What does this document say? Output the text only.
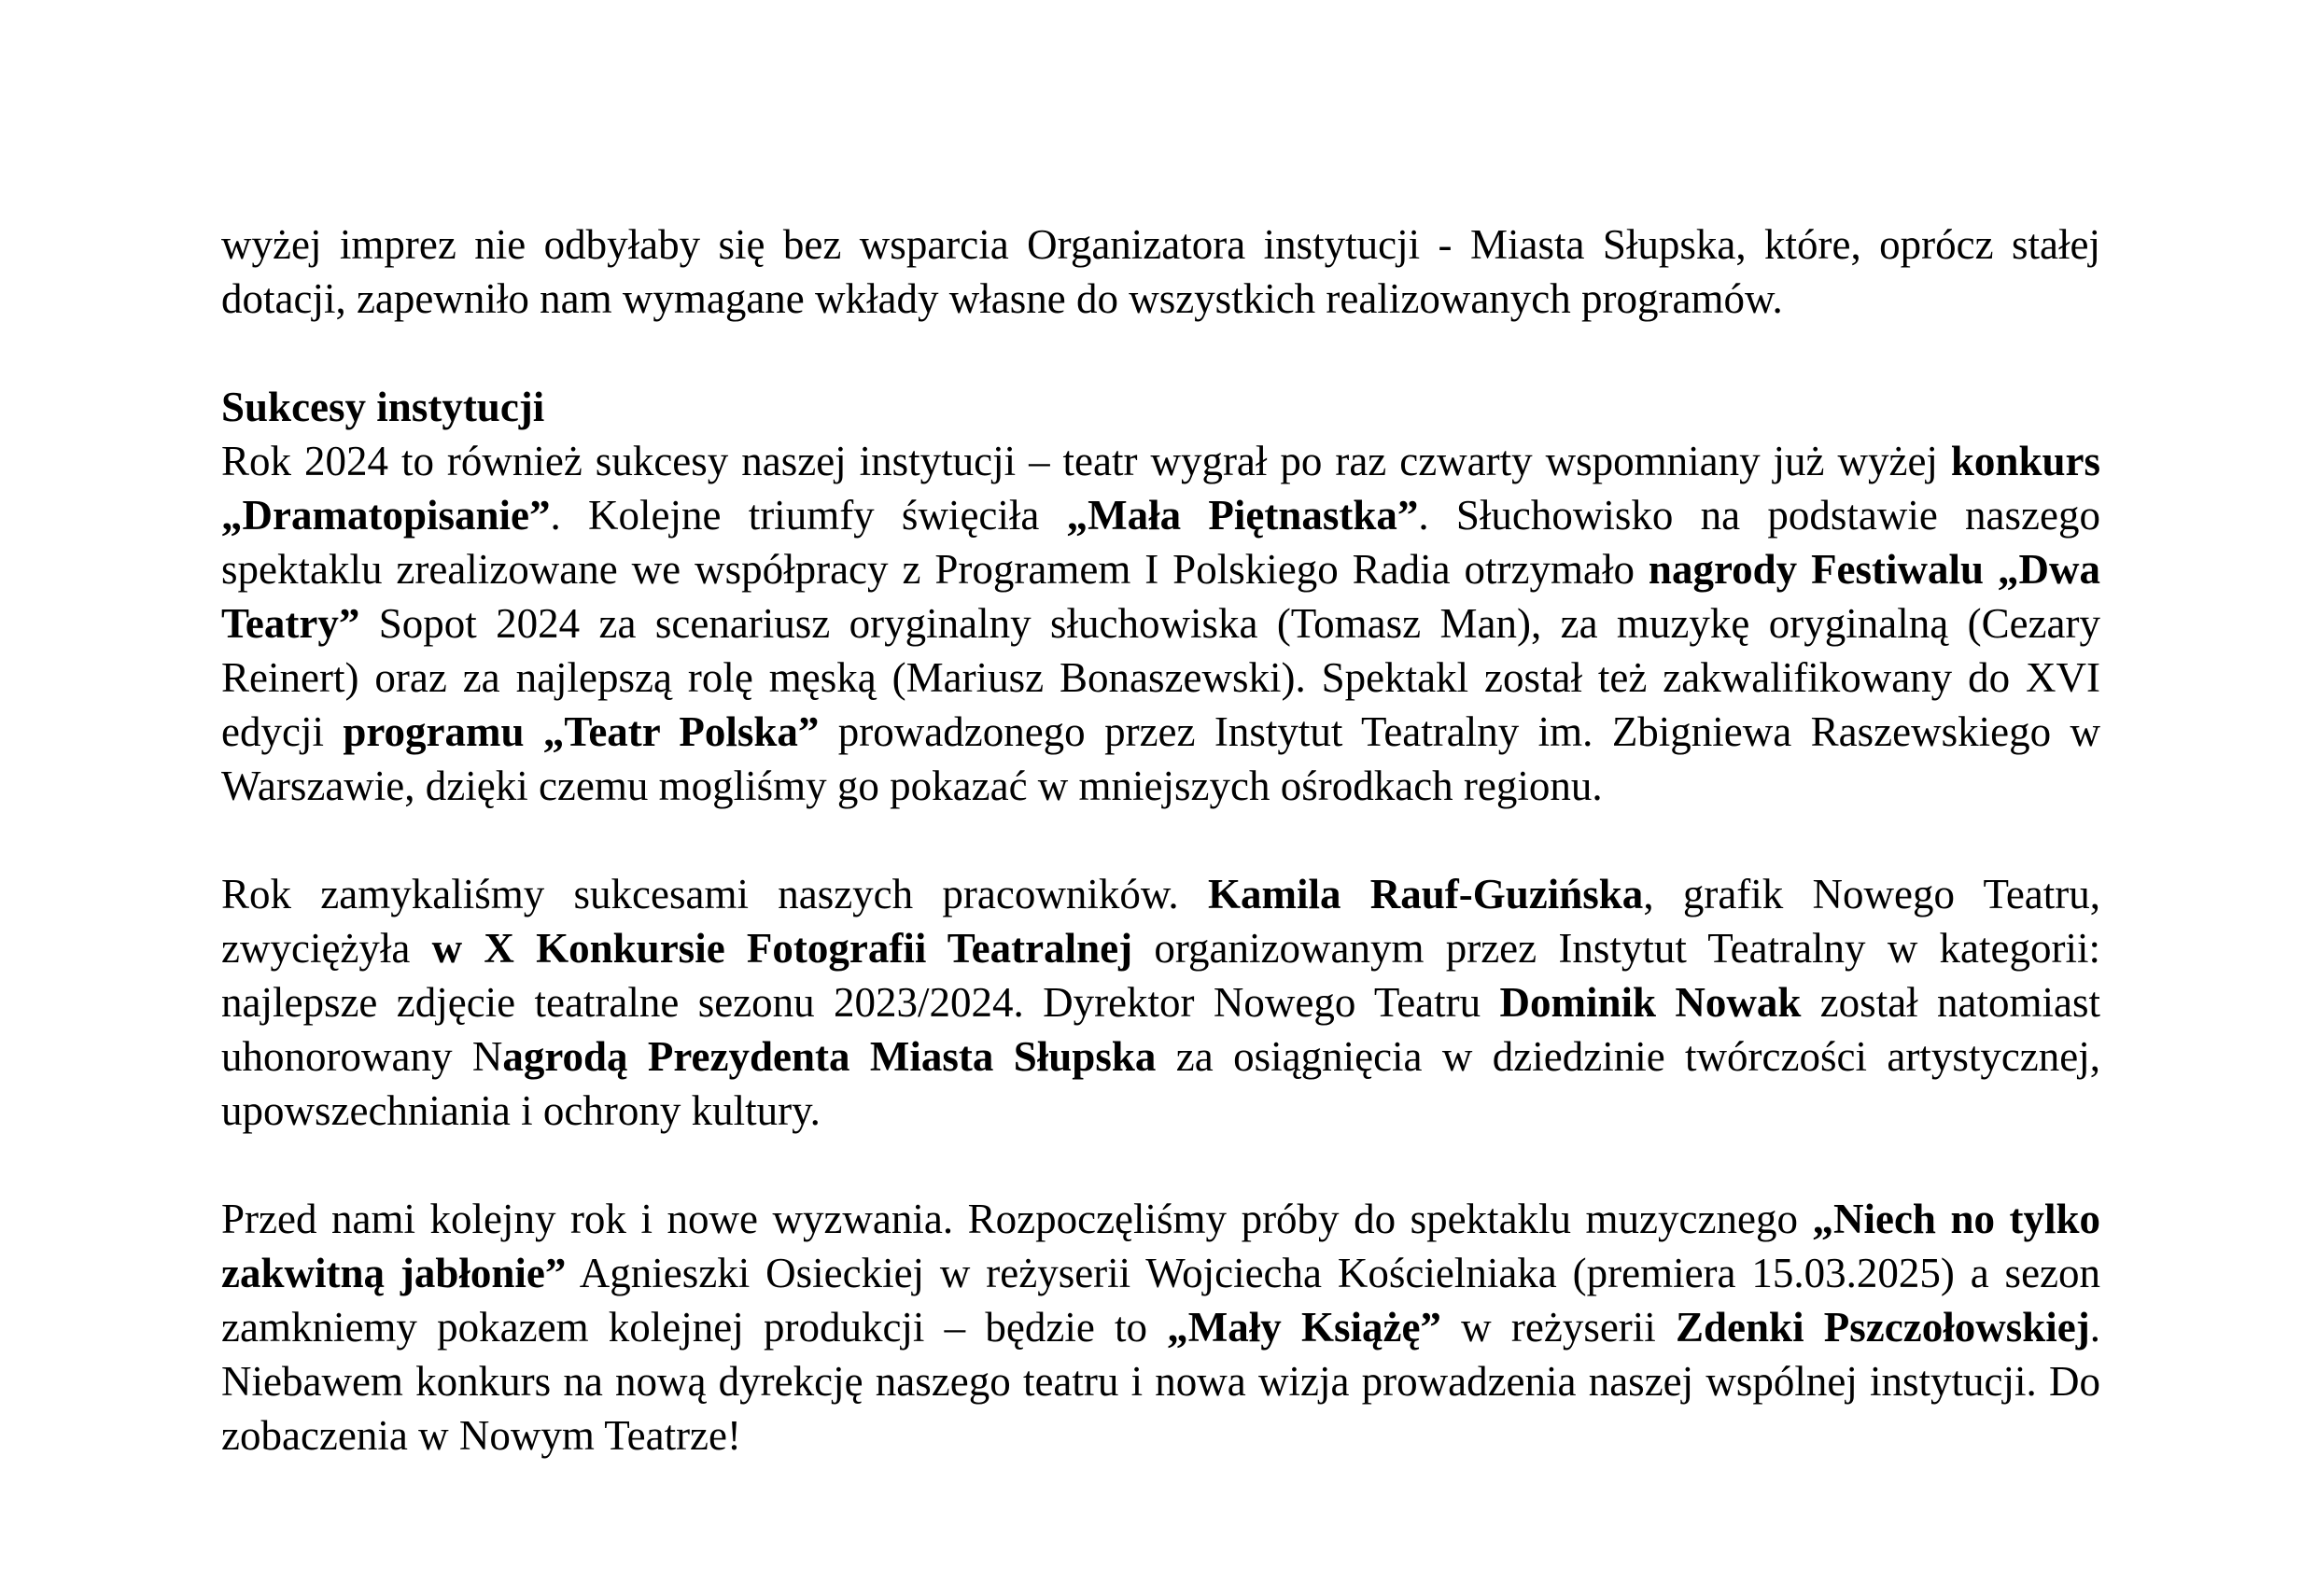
wyżej imprez nie odbyłaby się bez wsparcia Organizatora instytucji - Miasta Słupska, które, oprócz stałej dotacji, zapewniło nam wymagane wkłady własne do wszystkich realizowanych programów.

Sukcesy instytucji

Rok 2024 to również sukcesy naszej instytucji – teatr wygrał po raz czwarty wspomniany już wyżej konkurs „Dramatopisanie”. Kolejne triumfy święciła „Mała Piętnastka”. Słuchowisko na podstawie naszego spektaklu zrealizowane we współpracy z Programem I Polskiego Radia otrzymało nagrody Festiwalu „Dwa Teatry” Sopot 2024 za scenariusz oryginalny słuchowiska (Tomasz Man), za muzykę oryginalną (Cezary Reinert) oraz za najlepszą rolę męską (Mariusz Bonaszewski). Spektakl został też zakwalifikowany do XVI edycji programu „Teatr Polska” prowadzonego przez Instytut Teatralny im. Zbigniewa Raszewskiego w Warszawie, dzięki czemu mogliśmy go pokazać w mniejszych ośrodkach regionu.

Rok zamykaliśmy sukcesami naszych pracowników. Kamila Rauf-Guzińska, grafik Nowego Teatru, zwyciężyła w X Konkursie Fotografii Teatralnej organizowanym przez Instytut Teatralny w kategorii: najlepsze zdjęcie teatralne sezonu 2023/2024. Dyrektor Nowego Teatru Dominik Nowak został natomiast uhonorowany Nagrodą Prezydenta Miasta Słupska za osiągnięcia w dziedzinie twórczości artystycznej, upowszechniania i ochrony kultury.

Przed nami kolejny rok i nowe wyzwania. Rozpoczęliśmy próby do spektaklu muzycznego „Niech no tylko zakwitną jabłonie” Agnieszki Osieckiej w reżyserii Wojciecha Kościelniaka (premiera 15.03.2025) a sezon zamkniemy pokazem kolejnej produkcji – będzie to „Mały Książę” w reżyserii Zdenki Pszczołowskiej. Niebawem konkurs na nową dyrekcję naszego teatru i nowa wizja prowadzenia naszej wspólnej instytucji. Do zobaczenia w Nowym Teatrze!
